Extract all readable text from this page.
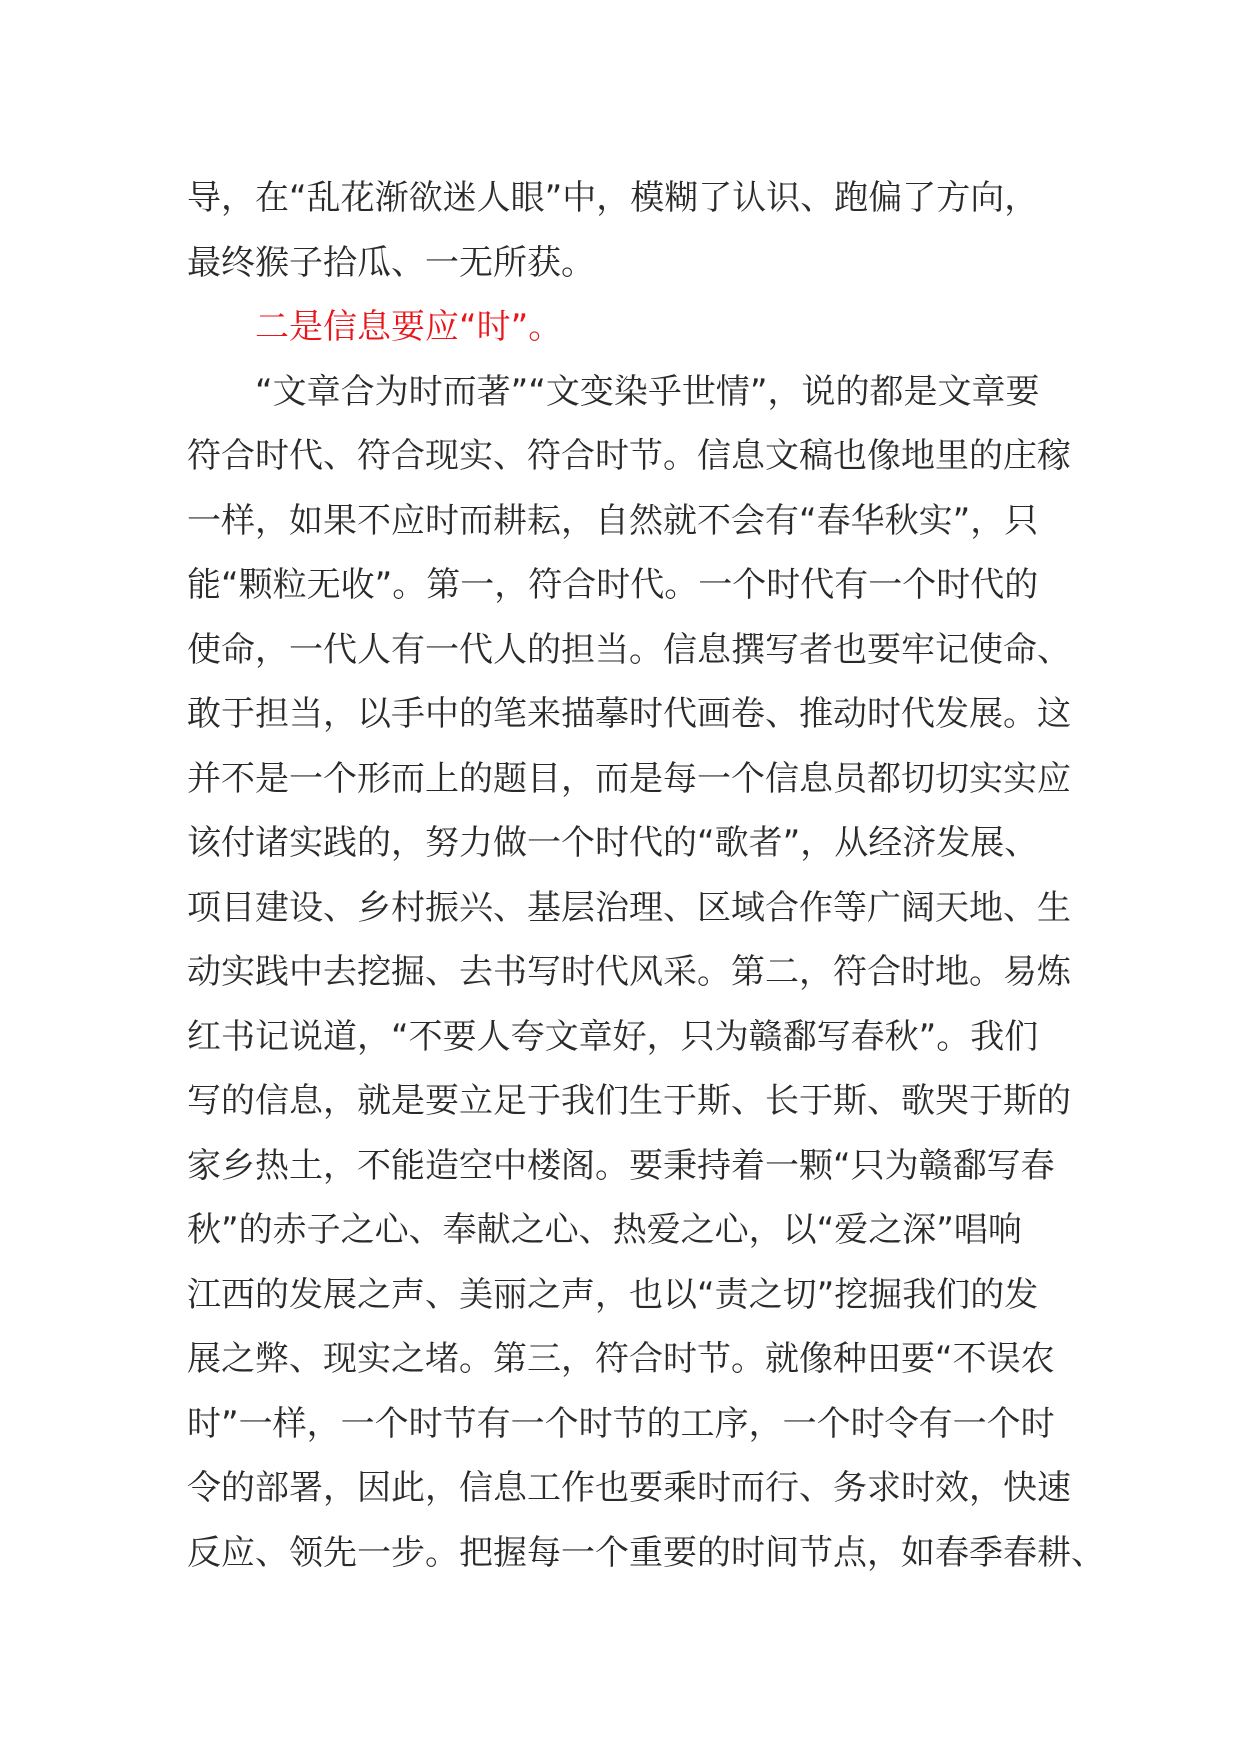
导，在“乱花渐欲迷人眼”中，模糊了认识、跑偏了方向，
最终猴子拾瓜、一无所获。
二是信息要应“时”。
“文章合为时而著”“文变染乎世情”，说的都是文章要
符合时代、符合现实、符合时节。信息文稿也像地里的庄稼
一样，如果不应时而耕耘，自然就不会有“春华秋实”，只
能“颗粒无收”。第一，符合时代。一个时代有一个时代的
使命，一代人有一代人的担当。信息撰写者也要牢记使命、
敢于担当，以手中的笔来描摹时代画卷、推动时代发展。这
并不是一个形而上的题目，而是每一个信息员都切切实实应
该付诸实践的，努力做一个时代的“歌者”，从经济发展、
项目建设、乡村振兴、基层治理、区域合作等广阔天地、生
动实践中去挖掘、去书写时代风采。第二，符合时地。易炼
红书记说道，“不要人夸文章好，只为赣鄱写春秋”。我们
写的信息，就是要立足于我们生于斯、长于斯、歌哭于斯的
家乡热土，不能造空中楼阁。要秉持着一颗“只为赣鄱写春
秋”的赤子之心、奉献之心、热爱之心，以“爱之深”唱响
江西的发展之声、美丽之声，也以“责之切”挖掘我们的发
展之弊、现实之堵。第三，符合时节。就像种田要“不误农
时”一样，一个时节有一个时节的工序，一个时令有一个时
令的部署，因此，信息工作也要乘时而行、务求时效，快速
反应、领先一步。把握每一个重要的时间节点，如春季春耕、
